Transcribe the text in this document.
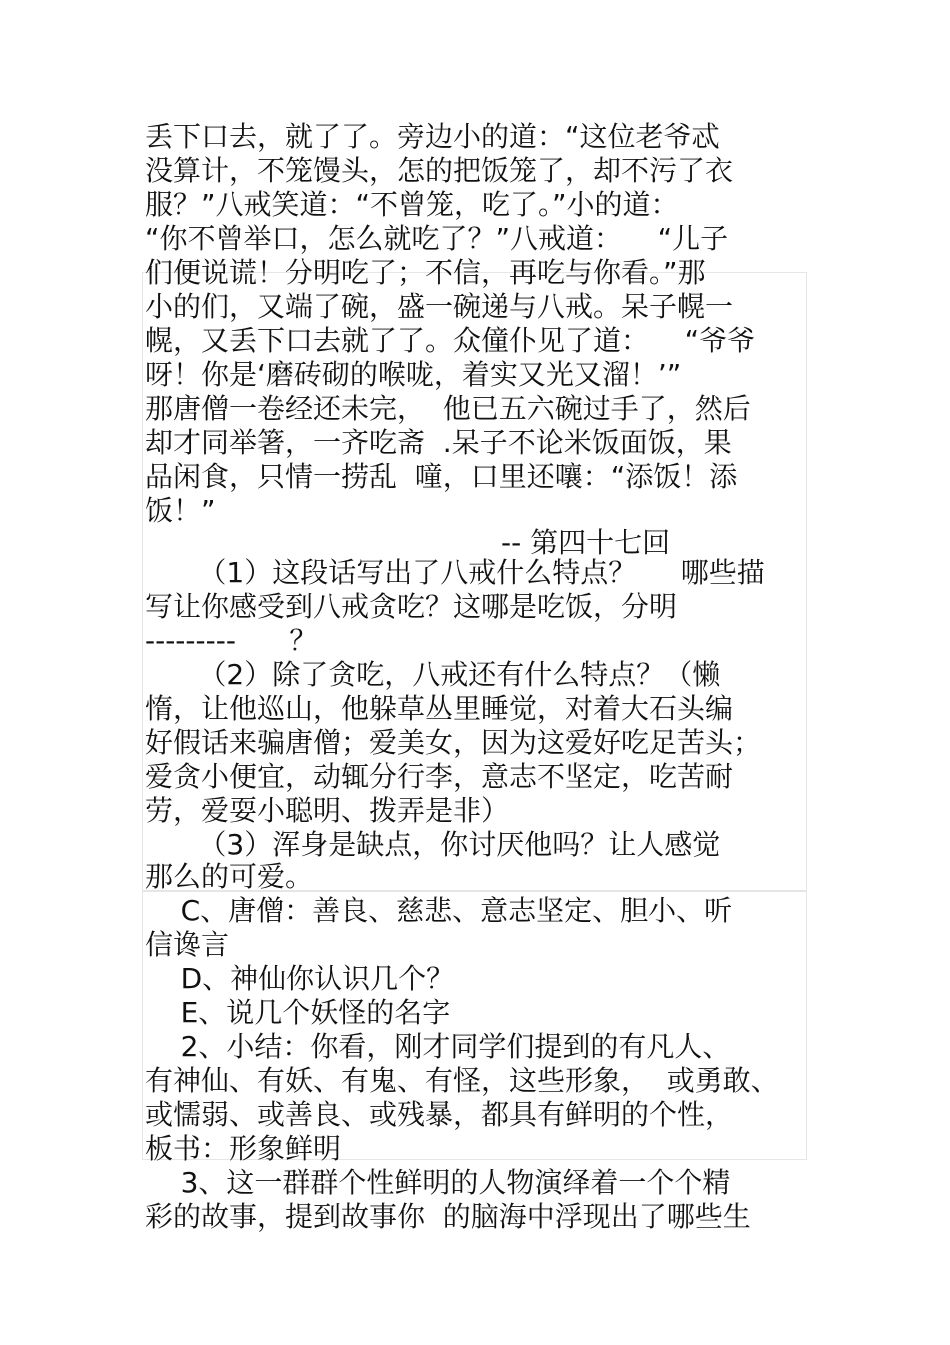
丢下口去，就了了。旁边小的道：“这位老爷忒
没算计，不笼馒头，怎的把饭笼了，却不污了衣
服？”八戒笑道：“不曾笼，吃了。”小的道：
“你不曾举口，怎么就吃了？”八戒道：    “儿子
们便说谎！分明吃了；不信，再吃与你看。”那
小的们，又端了碗，盛一碗递与八戒。呆子幌一
幌，又丢下口去就了了。众僮仆见了道：    “爷爷
呀！你是‘磨砖砌的喉咙，着实又光又溜！’”
那唐僧一卷经还未完，  他已五六碗过手了，然后
却才同举箸，一齐吃斋  .呆子不论米饭面饭，果
品闲食，只情一捞乱  噇，口里还嚷：“添饭！添
饭！”
-- 第四十七回
（1）这段话写出了八戒什么特点？     哪些描
写让你感受到八戒贪吃？这哪是吃饭，分明
---------      ？
（2）除了贪吃，八戒还有什么特点？（懒
惰，让他巡山，他躲草丛里睡觉，对着大石头编
好假话来骗唐僧；爱美女，因为这爱好吃足苦头；
爱贪小便宜，动辄分行李，意志不坚定，吃苦耐
劳，爱耍小聪明、拨弄是非）
（3）浑身是缺点，你讨厌他吗？让人感觉
那么的可爱。
C、唐僧：善良、慈悲、意志坚定、胆小、听
信谗言
D、神仙你认识几个？
E、说几个妖怪的名字
2、小结：你看，刚才同学们提到的有凡人、
有神仙、有妖、有鬼、有怪，这些形象，  或勇敢、
或懦弱、或善良、或残暴，都具有鲜明的个性，
板书：形象鲜明
3、这一群群个性鲜明的人物演绎着一个个精
彩的故事，提到故事你  的脑海中浮现出了哪些生
